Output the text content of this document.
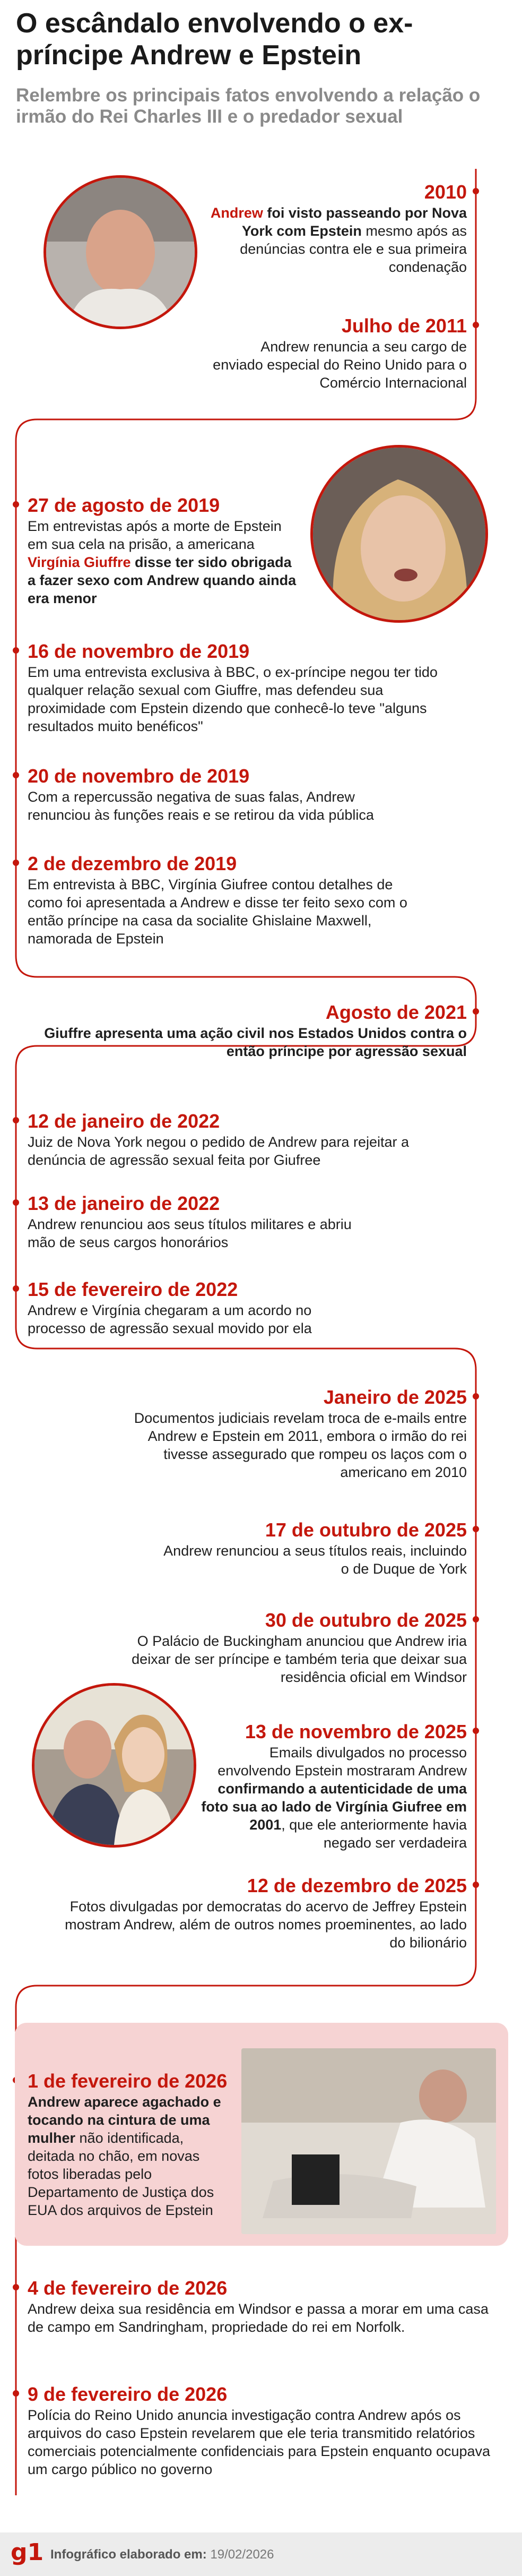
O escândalo envolvendo o ex-príncipe Andrew e Epstein
Relembre os principais fatos envolvendo a relação o irmão do Rei Charles III e o predador sexual
2010
Andrew foi visto passeando por Nova York com Epstein mesmo após as denúncias contra ele e sua primeira condenação
Julho de 2011
Andrew renuncia a seu cargo de enviado especial do Reino Unido para o Comércio Internacional
27 de agosto de 2019
Em entrevistas após a morte de Epstein em sua cela na prisão, a americana Virgínia Giuffre disse ter sido obrigada a fazer sexo com Andrew quando ainda era menor
16 de novembro de 2019
Em uma entrevista exclusiva à BBC, o ex-príncipe negou ter tido qualquer relação sexual com Giuffre, mas defendeu sua proximidade com Epstein dizendo que conhecê-lo teve "alguns resultados muito benéficos"
20 de novembro de 2019
Com a repercussão negativa de suas falas, Andrew renunciou às funções reais e se retirou da vida pública
2 de dezembro de 2019
Em entrevista à BBC, Virgínia Giufree contou detalhes de como foi apresentada a Andrew e disse ter feito sexo com o então príncipe na casa da socialite Ghislaine Maxwell, namorada de Epstein
Agosto de 2021
Giuffre apresenta uma ação civil nos Estados Unidos contra o então príncipe por agressão sexual
12 de janeiro de 2022
Juiz de Nova York negou o pedido de Andrew para rejeitar a denúncia de agressão sexual feita por Giufree
13 de janeiro de 2022
Andrew renunciou aos seus títulos militares e abriu mão de seus cargos honorários
15 de fevereiro de 2022
Andrew e Virgínia chegaram a um acordo no processo de agressão sexual movido por ela
Janeiro de 2025
Documentos judiciais revelam troca de e-mails entre Andrew e Epstein em 2011, embora o irmão do rei tivesse assegurado que rompeu os laços com o americano em 2010
17 de outubro de 2025
Andrew renunciou a seus títulos reais, incluindo o de Duque de York
30 de outubro de 2025
O Palácio de Buckingham anunciou que Andrew iria deixar de ser príncipe e também teria que deixar sua residência oficial em Windsor
13 de novembro de 2025
Emails divulgados no processo envolvendo Epstein mostraram Andrew confirmando a autenticidade de uma foto sua ao lado de Virgínia Giufree em 2001, que ele anteriormente havia negado ser verdadeira
12 de dezembro de 2025
Fotos divulgadas por democratas do acervo de Jeffrey Epstein mostram Andrew, além de outros nomes proeminentes, ao lado do bilionário
1 de fevereiro de 2026
Andrew aparece agachado e tocando na cintura de uma mulher não identificada, deitada no chão, em novas fotos liberadas pelo Departamento de Justiça dos EUA dos arquivos de Epstein
4 de fevereiro de 2026
Andrew deixa sua residência em Windsor e passa a morar em uma casa de campo em Sandringham, propriedade do rei em Norfolk.
9 de fevereiro de 2026
Polícia do Reino Unido anuncia investigação contra Andrew após os arquivos do caso Epstein revelarem que ele teria transmitido relatórios comerciais potencialmente confidenciais para Epstein enquanto ocupava um cargo público no governo
g1 Infográfico elaborado em: 19/02/2026
